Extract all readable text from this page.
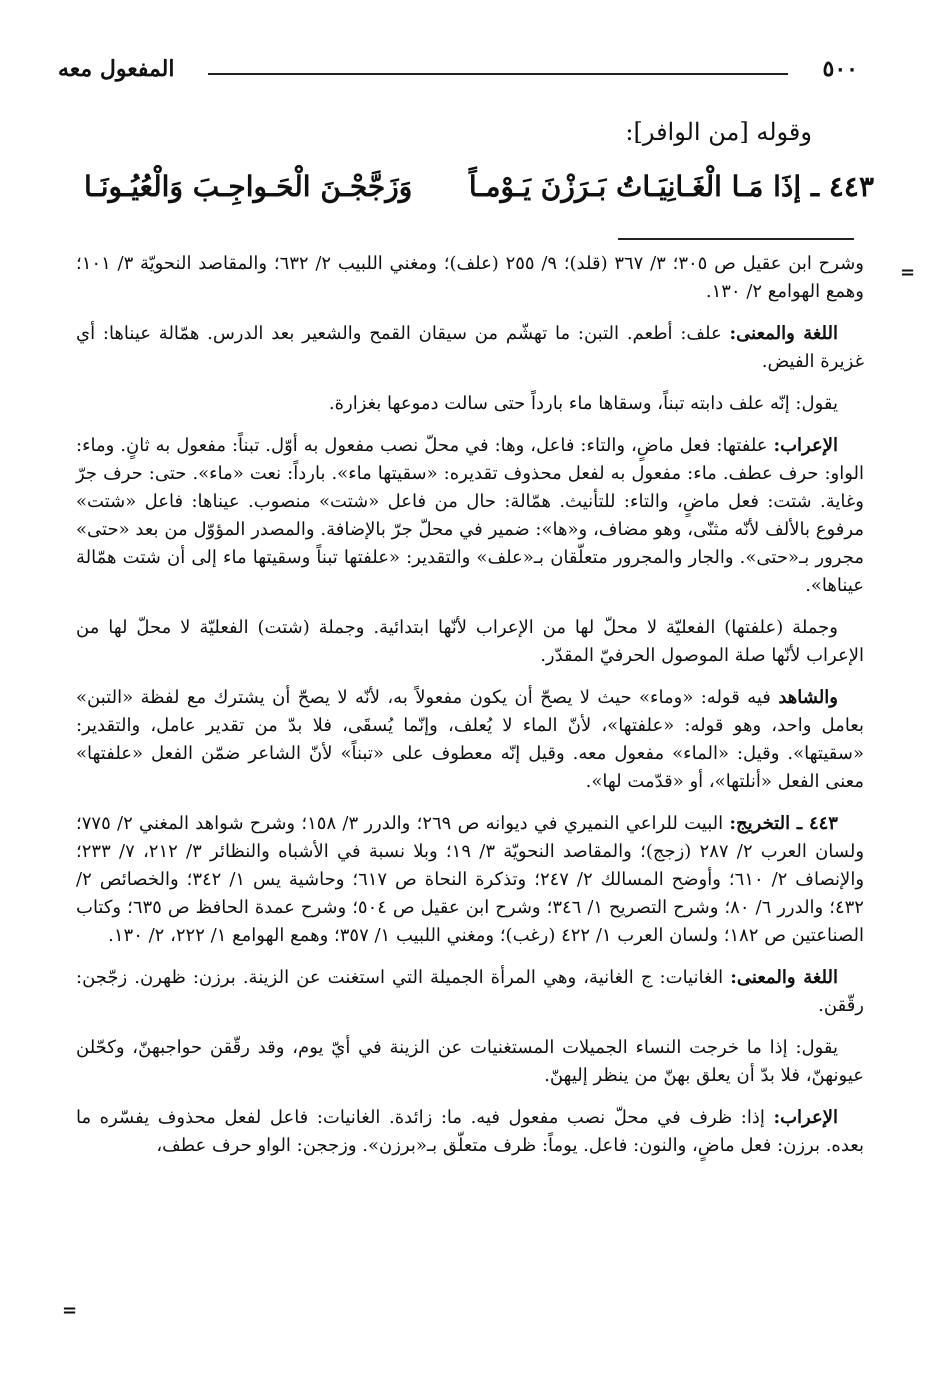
٥٠٠
المفعول معه
وقوله [من الوافر]:
٤٤٣ ـ إذَا مَـا الْغَـانِيَـاتُ بَـرَزْنَ يَـوْمـاً
وَزَجَّجْـنَ الْحَـواجِـبَ وَالْعُيُـونَـا
=
=

وشرح ابن عقيل ص ٣٠٥؛ ٣/ ٣٦٧ (قلد)؛ ٩/ ٢٥٥ (علف)؛ ومغني اللبيب ٢/ ٦٣٢؛ والمقاصد النحويّة ٣/ ١٠١؛ وهمع الهوامع ٢/ ١٣٠.

اللغة والمعنى: علف: أطعم. التبن: ما تهشّم من سيقان القمح والشعير بعد الدرس. همّالة عيناها: أي غزيرة الفيض.

يقول: إنّه علف دابته تبناً، وسقاها ماء بارداً حتى سالت دموعها بغزارة.

الإعراب: علفتها: فعل ماضٍ، والتاء: فاعل، وها: في محلّ نصب مفعول به أوّل. تبناً: مفعول به ثانٍ. وماء: الواو: حرف عطف. ماء: مفعول به لفعل محذوف تقديره: «سقيتها ماء». بارداً: نعت «ماء». حتى: حرف جرّ وغاية. شتت: فعل ماضٍ، والتاء: للتأنيث. همّالة: حال من فاعل «شتت» منصوب. عيناها: فاعل «شتت» مرفوع بالألف لأنّه مثنّى، وهو مضاف، و«ها»: ضمير في محلّ جرّ بالإضافة. والمصدر المؤوّل من بعد «حتى» مجرور بـ«حتى». والجار والمجرور متعلّقان بـ«علف» والتقدير: «علفتها تبناً وسقيتها ماء إلى أن شتت همّالة عيناها».

وجملة (علفتها) الفعليّة لا محلّ لها من الإعراب لأنّها ابتدائية. وجملة (شتت) الفعليّة لا محلّ لها من الإعراب لأنّها صلة الموصول الحرفيّ المقدّر.

والشاهد فيه قوله: «وماء» حيث لا يصحّ أن يكون مفعولاً به، لأنّه لا يصحّ أن يشترك مع لفظة «التبن» بعامل واحد، وهو قوله: «علفتها»، لأنّ الماء لا يُعلف، وإنّما يُسقَى، فلا بدّ من تقدير عامل، والتقدير: «سقيتها». وقيل: «الماء» مفعول معه. وقيل إنّه معطوف على «تبناً» لأنّ الشاعر ضمّن الفعل «علفتها» معنى الفعل «أنلتها»، أو «قدّمت لها».

٤٤٣ ـ التخريج: البيت للراعي النميري في ديوانه ص ٢٦٩؛ والدرر ٣/ ١٥٨؛ وشرح شواهد المغني ٢/ ٧٧٥؛ ولسان العرب ٢/ ٢٨٧ (زجج)؛ والمقاصد النحويّة ٣/ ١٩؛ وبلا نسبة في الأشباه والنظائر ٣/ ٢١٢، ٧/ ٢٣٣؛ والإنصاف ٢/ ٦١٠؛ وأوضح المسالك ٢/ ٢٤٧؛ وتذكرة النحاة ص ٦١٧؛ وحاشية يس ١/ ٣٤٢؛ والخصائص ٢/ ٤٣٢؛ والدرر ٦/ ٨٠؛ وشرح التصريح ١/ ٣٤٦؛ وشرح ابن عقيل ص ٥٠٤؛ وشرح عمدة الحافظ ص ٦٣٥؛ وكتاب الصناعتين ص ١٨٢؛ ولسان العرب ١/ ٤٢٢ (رغب)؛ ومغني اللبيب ١/ ٣٥٧؛ وهمع الهوامع ١/ ٢٢٢، ٢/ ١٣٠.

اللغة والمعنى: الغانيات: ج الغانية، وهي المرأة الجميلة التي استغنت عن الزينة. برزن: ظهرن. زجّجن: رقّقن.

يقول: إذا ما خرجت النساء الجميلات المستغنيات عن الزينة في أيّ يوم، وقد رقّقن حواجبهنّ، وكحّلن عيونهنّ، فلا بدّ أن يعلق بهنّ من ينظر إليهنّ.

الإعراب: إذا: ظرف في محلّ نصب مفعول فيه. ما: زائدة. الغانيات: فاعل لفعل محذوف يفسّره ما بعده. برزن: فعل ماضٍ، والنون: فاعل. يوماً: ظرف متعلّق بـ«برزن». وزججن: الواو حرف عطف،
